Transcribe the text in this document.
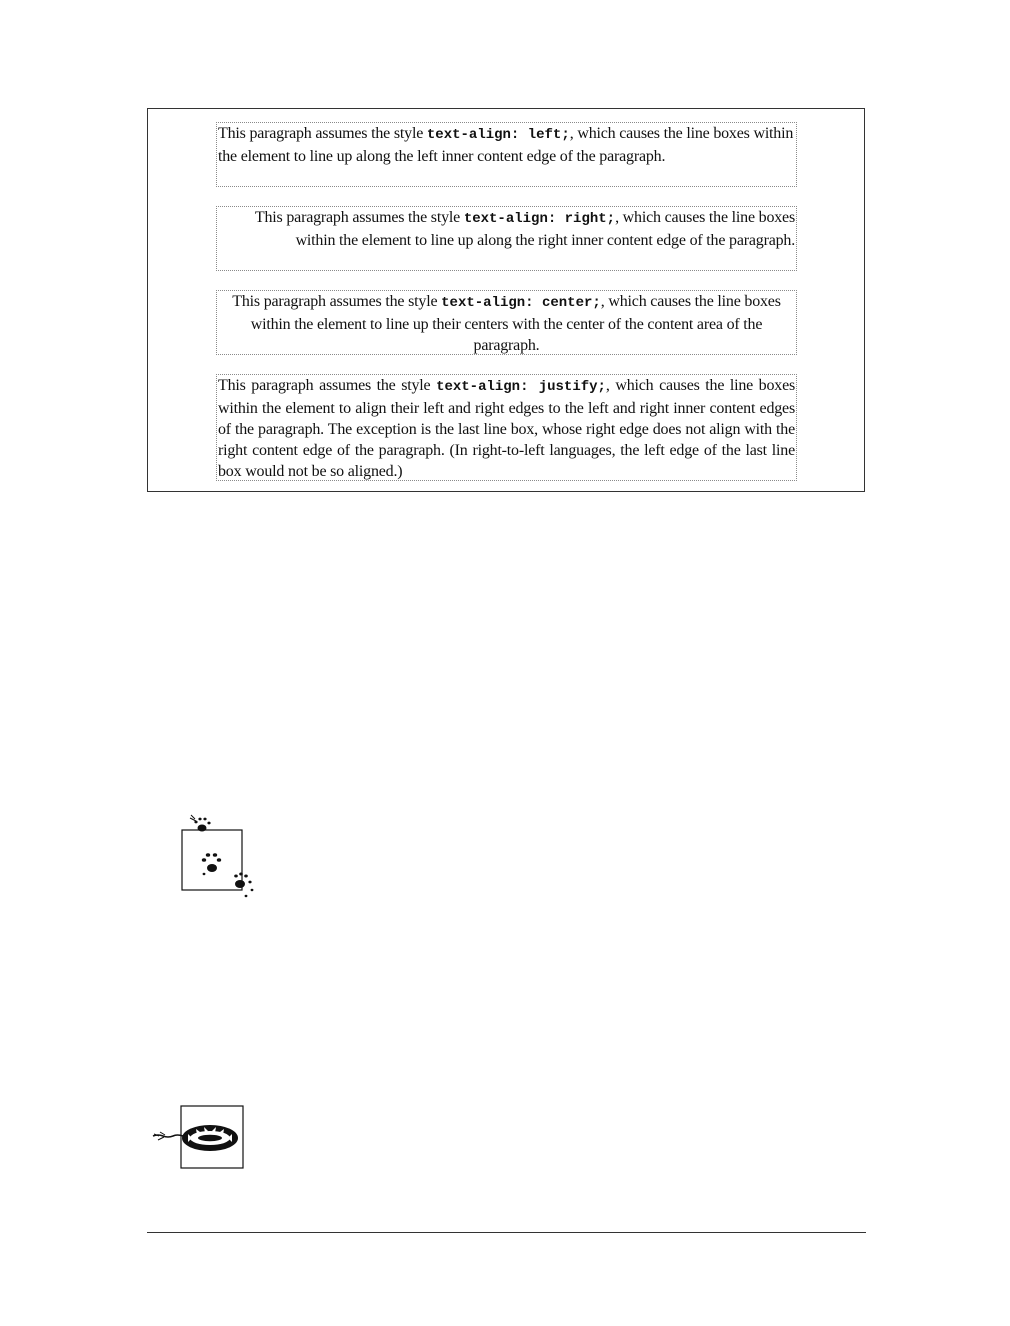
This paragraph assumes the style text-align: left;, which causes the line boxes within the element to line up along the left inner content edge of the paragraph.

This paragraph assumes the style text-align: right;, which causes the line boxes within the element to line up along the right inner content edge of the paragraph.

This paragraph assumes the style text-align: center;, which causes the line boxes within the element to line up their centers with the center of the content area of the paragraph.

This paragraph assumes the style text-align: justify;, which causes the line boxes within the element to align their left and right edges to the left and right inner content edges of the paragraph. The exception is the last line box, whose right edge does not align with the right content edge of the paragraph. (In right-to-left languages, the left edge of the last line box would not be so aligned.)
